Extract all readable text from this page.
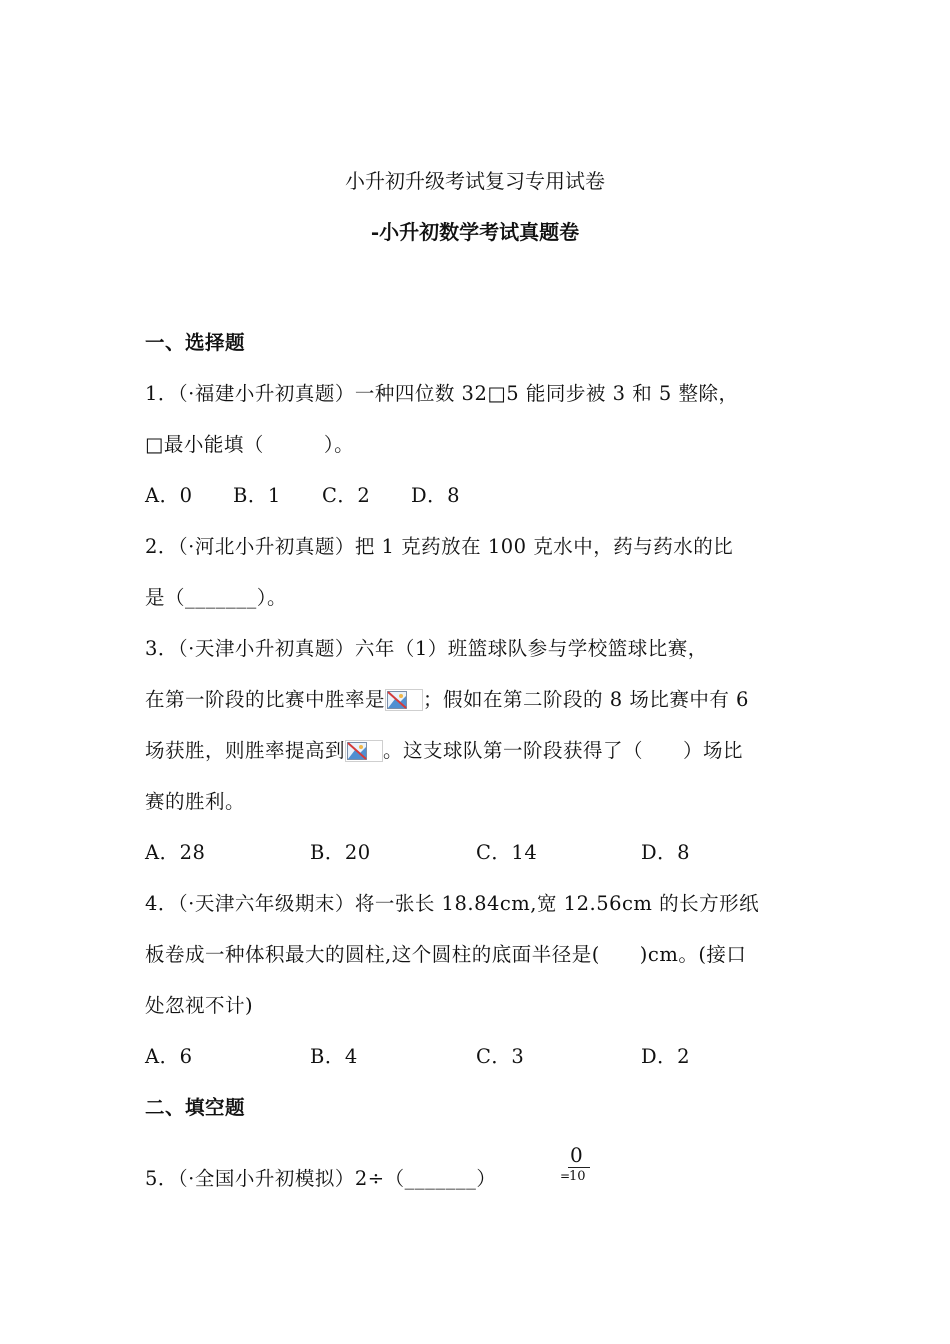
小升初升级考试复习专用试卷
-小升初数学考试真题卷
一、选择题
1．（·福建小升初真题）一种四位数 32□5 能同步被 3 和 5 整除，
□最小能填（　　　）。
A．0 B．1 C．2 D．8
2．（·河北小升初真题）把 1 克药放在 100 克水中，药与药水的比
是（_______）。
3．（·天津小升初真题）六年（1）班篮球队参与学校篮球比赛，
在第一阶段的比赛中胜率是 ；假如在第二阶段的 8 场比赛中有 6
场获胜，则胜率提高到 。这支球队第一阶段获得了（　　）场比
赛的胜利。
A．28	B．20	C．14	D．8
4．（·天津六年级期末）将一张长 18.84cm,宽 12.56cm 的长方形纸
板卷成一种体积最大的圆柱,这个圆柱的底面半径是(　　)cm。(接口
处忽视不计)
A．6	B．4	C．3	D．2
二、填空题
5．（·全国小升初模拟）2÷（_______）
0
=
10
